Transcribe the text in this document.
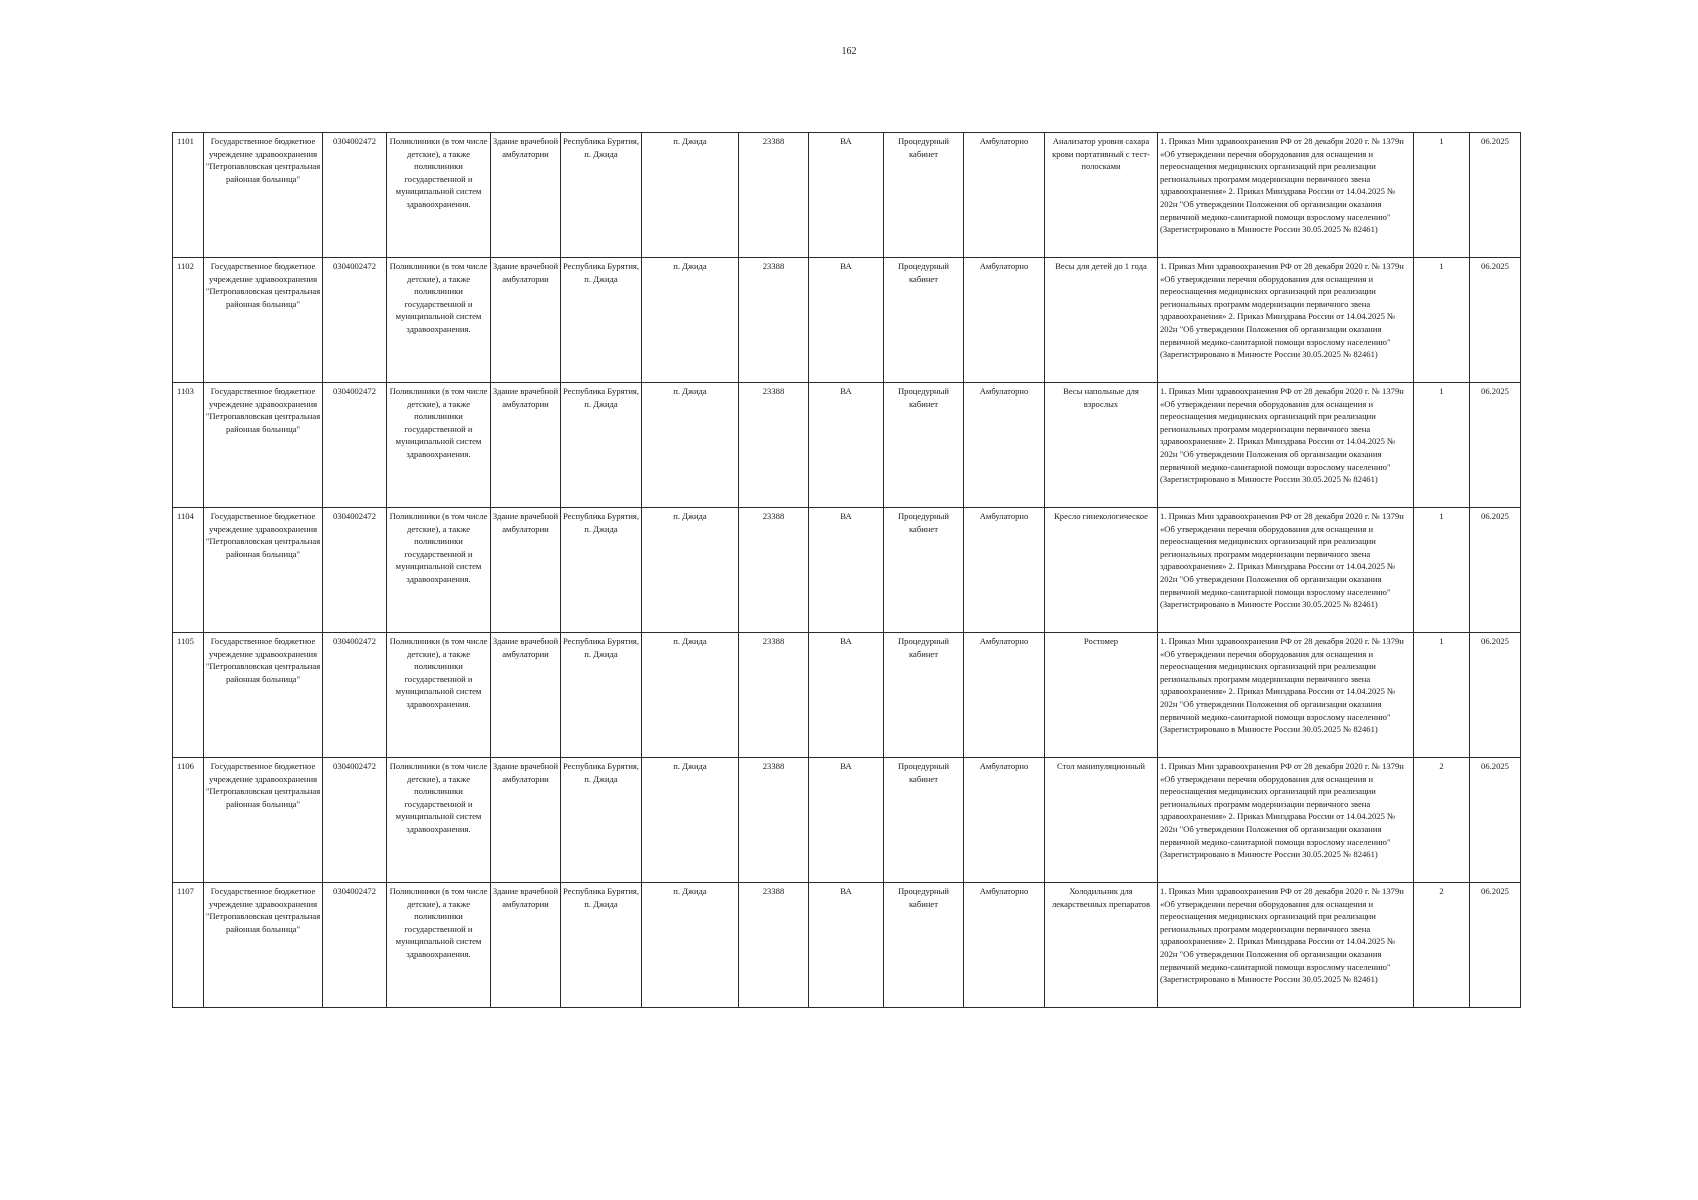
162
1101	Государственное бюджетное учреждение здравоохранения "Петропавловская центральная районная больница"	0304002472	Поликлиники (в том числе детские), а также поликлиники государственной и муниципальной систем здравоохранения.	Здание врачебной амбулатории	Республика Бурятия, п. Джида	п. Джида	23388	ВА	Процедурный кабинет	Амбулаторно	Анализатор уровня сахара крови портативный с тест-полосками	1. Приказ Мин здравоохранения РФ от 28 декабря 2020 г. № 1379н «Об утверждении перечня оборудования для оснащения и переоснащения медицинских организаций при реализации региональных программ модернизации первичного звена здравоохранения» 2. Приказ Минздрава России от 14.04.2025 № 202н "Об утверждении Положения об организации оказания первичной медико-санитарной помощи взрослому населению" (Зарегистрировано в Минюсте России 30.05.2025 № 82461)	1	06.2025
1102	Государственное бюджетное учреждение здравоохранения "Петропавловская центральная районная больница"	0304002472	Поликлиники (в том числе детские), а также поликлиники государственной и муниципальной систем здравоохранения.	Здание врачебной амбулатории	Республика Бурятия, п. Джида	п. Джида	23388	ВА	Процедурный кабинет	Амбулаторно	Весы для детей до 1 года	1. Приказ Мин здравоохранения РФ от 28 декабря 2020 г. № 1379н «Об утверждении перечня оборудования для оснащения и переоснащения медицинских организаций при реализации региональных программ модернизации первичного звена здравоохранения» 2. Приказ Минздрава России от 14.04.2025 № 202н "Об утверждении Положения об организации оказания первичной медико-санитарной помощи взрослому населению" (Зарегистрировано в Минюсте России 30.05.2025 № 82461)	1	06.2025
1103	Государственное бюджетное учреждение здравоохранения "Петропавловская центральная районная больница"	0304002472	Поликлиники (в том числе детские), а также поликлиники государственной и муниципальной систем здравоохранения.	Здание врачебной амбулатории	Республика Бурятия, п. Джида	п. Джида	23388	ВА	Процедурный кабинет	Амбулаторно	Весы напольные для взрослых	1. Приказ Мин здравоохранения РФ от 28 декабря 2020 г. № 1379н «Об утверждении перечня оборудования для оснащения и переоснащения медицинских организаций при реализации региональных программ модернизации первичного звена здравоохранения» 2. Приказ Минздрава России от 14.04.2025 № 202н "Об утверждении Положения об организации оказания первичной медико-санитарной помощи взрослому населению" (Зарегистрировано в Минюсте России 30.05.2025 № 82461)	1	06.2025
1104	Государственное бюджетное учреждение здравоохранения "Петропавловская центральная районная больница"	0304002472	Поликлиники (в том числе детские), а также поликлиники государственной и муниципальной систем здравоохранения.	Здание врачебной амбулатории	Республика Бурятия, п. Джида	п. Джида	23388	ВА	Процедурный кабинет	Амбулаторно	Кресло гинекологическое	1. Приказ Мин здравоохранения РФ от 28 декабря 2020 г. № 1379н «Об утверждении перечня оборудования для оснащения и переоснащения медицинских организаций при реализации региональных программ модернизации первичного звена здравоохранения» 2. Приказ Минздрава России от 14.04.2025 № 202н "Об утверждении Положения об организации оказания первичной медико-санитарной помощи взрослому населению" (Зарегистрировано в Минюсте России 30.05.2025 № 82461)	1	06.2025
1105	Государственное бюджетное учреждение здравоохранения "Петропавловская центральная районная больница"	0304002472	Поликлиники (в том числе детские), а также поликлиники государственной и муниципальной систем здравоохранения.	Здание врачебной амбулатории	Республика Бурятия, п. Джида	п. Джида	23388	ВА	Процедурный кабинет	Амбулаторно	Ростомер	1. Приказ Мин здравоохранения РФ от 28 декабря 2020 г. № 1379н «Об утверждении перечня оборудования для оснащения и переоснащения медицинских организаций при реализации региональных программ модернизации первичного звена здравоохранения» 2. Приказ Минздрава России от 14.04.2025 № 202н "Об утверждении Положения об организации оказания первичной медико-санитарной помощи взрослому населению" (Зарегистрировано в Минюсте России 30.05.2025 № 82461)	1	06.2025
1106	Государственное бюджетное учреждение здравоохранения "Петропавловская центральная районная больница"	0304002472	Поликлиники (в том числе детские), а также поликлиники государственной и муниципальной систем здравоохранения.	Здание врачебной амбулатории	Республика Бурятия, п. Джида	п. Джида	23388	ВА	Процедурный кабинет	Амбулаторно	Стол манипуляционный	1. Приказ Мин здравоохранения РФ от 28 декабря 2020 г. № 1379н «Об утверждении перечня оборудования для оснащения и переоснащения медицинских организаций при реализации региональных программ модернизации первичного звена здравоохранения» 2. Приказ Минздрава России от 14.04.2025 № 202н "Об утверждении Положения об организации оказания первичной медико-санитарной помощи взрослому населению" (Зарегистрировано в Минюсте России 30.05.2025 № 82461)	2	06.2025
1107	Государственное бюджетное учреждение здравоохранения "Петропавловская центральная районная больница"	0304002472	Поликлиники (в том числе детские), а также поликлиники государственной и муниципальной систем здравоохранения.	Здание врачебной амбулатории	Республика Бурятия, п. Джида	п. Джида	23388	ВА	Процедурный кабинет	Амбулаторно	Холодильник для лекарственных препаратов	1. Приказ Мин здравоохранения РФ от 28 декабря 2020 г. № 1379н «Об утверждении перечня оборудования для оснащения и переоснащения медицинских организаций при реализации региональных программ модернизации первичного звена здравоохранения» 2. Приказ Минздрава России от 14.04.2025 № 202н "Об утверждении Положения об организации оказания первичной медико-санитарной помощи взрослому населению" (Зарегистрировано в Минюсте России 30.05.2025 № 82461)	2	06.2025
